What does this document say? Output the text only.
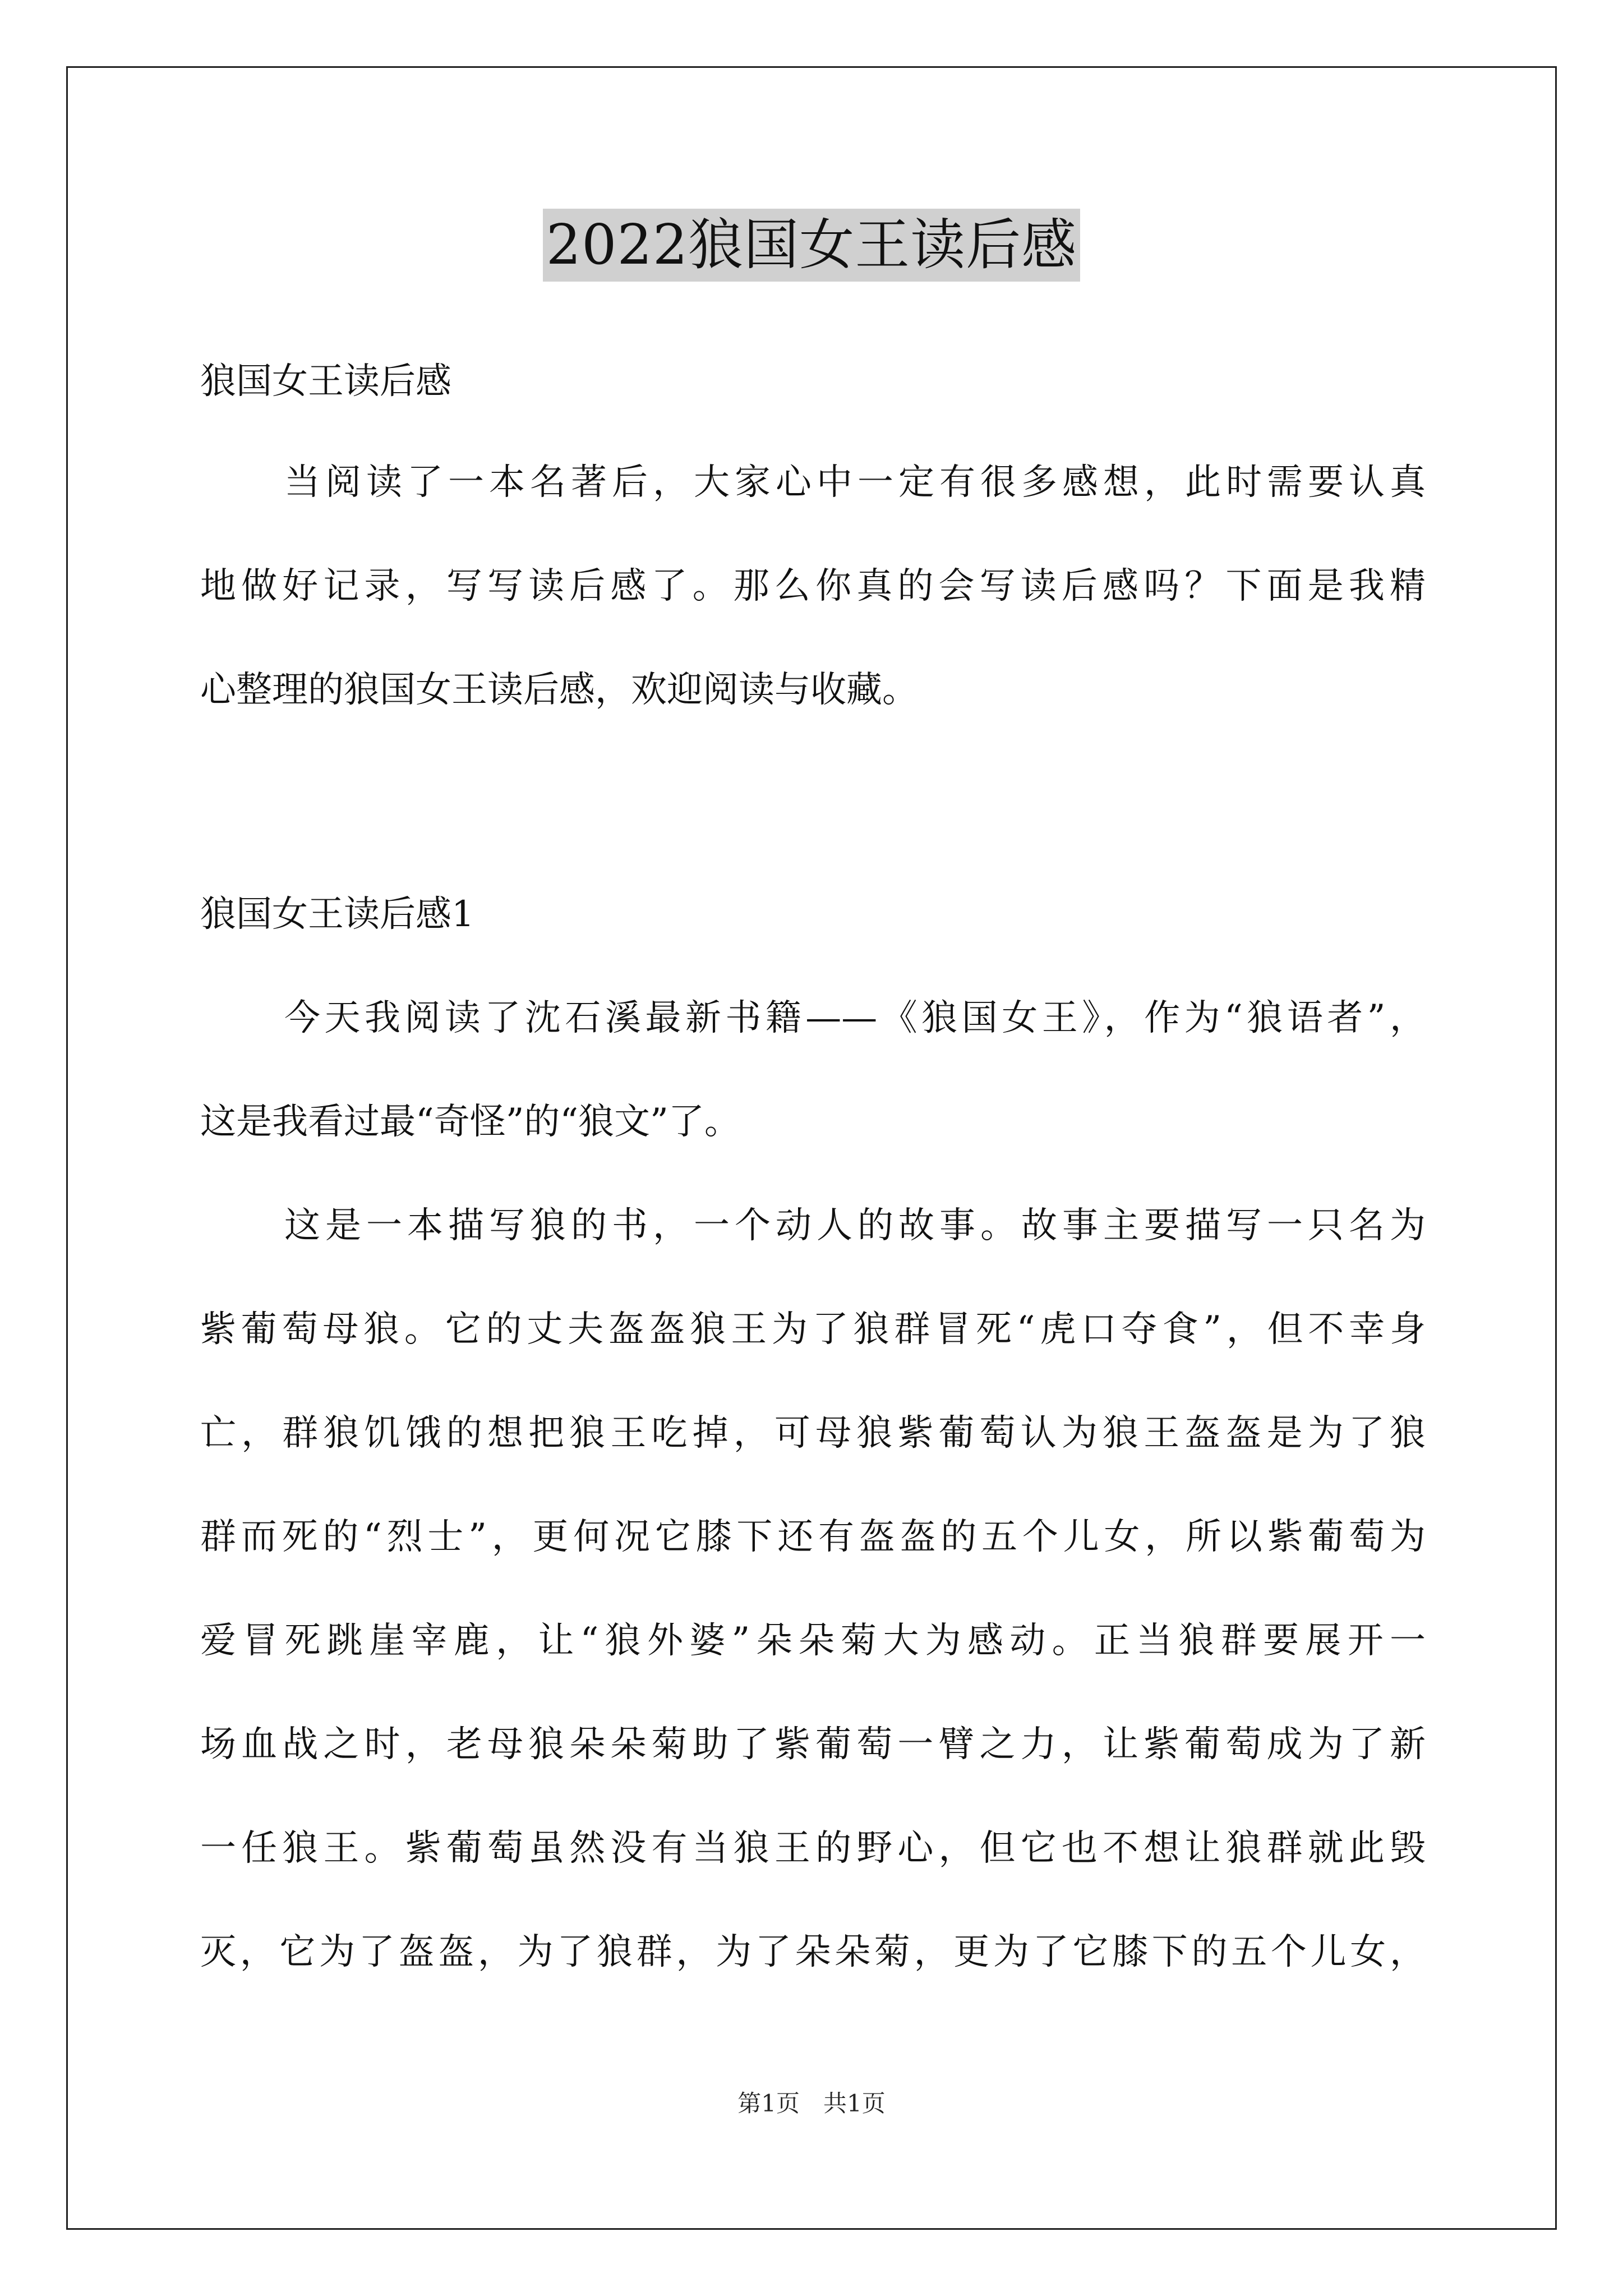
2022狼国女王读后感
狼国女王读后感
当阅读了一本名著后，大家心中一定有很多感想，此时需要认真
地做好记录，写写读后感了。那么你真的会写读后感吗？下面是我精
心整理的狼国女王读后感，欢迎阅读与收藏。
狼国女王读后感1
今天我阅读了沈石溪最新书籍——《狼国女王》，作为“狼语者”，
这是我看过最“奇怪”的“狼文”了。
这是一本描写狼的书，一个动人的故事。故事主要描写一只名为
紫葡萄母狼。它的丈夫盔盔狼王为了狼群冒死“虎口夺食”，但不幸身
亡，群狼饥饿的想把狼王吃掉，可母狼紫葡萄认为狼王盔盔是为了狼
群而死的“烈士”，更何况它膝下还有盔盔的五个儿女，所以紫葡萄为
爱冒死跳崖宰鹿，让“狼外婆”朵朵菊大为感动。正当狼群要展开一
场血战之时，老母狼朵朵菊助了紫葡萄一臂之力，让紫葡萄成为了新
一任狼王。紫葡萄虽然没有当狼王的野心，但它也不想让狼群就此毁
灭，它为了盔盔，为了狼群，为了朵朵菊，更为了它膝下的五个儿女，
第1页　共1页
